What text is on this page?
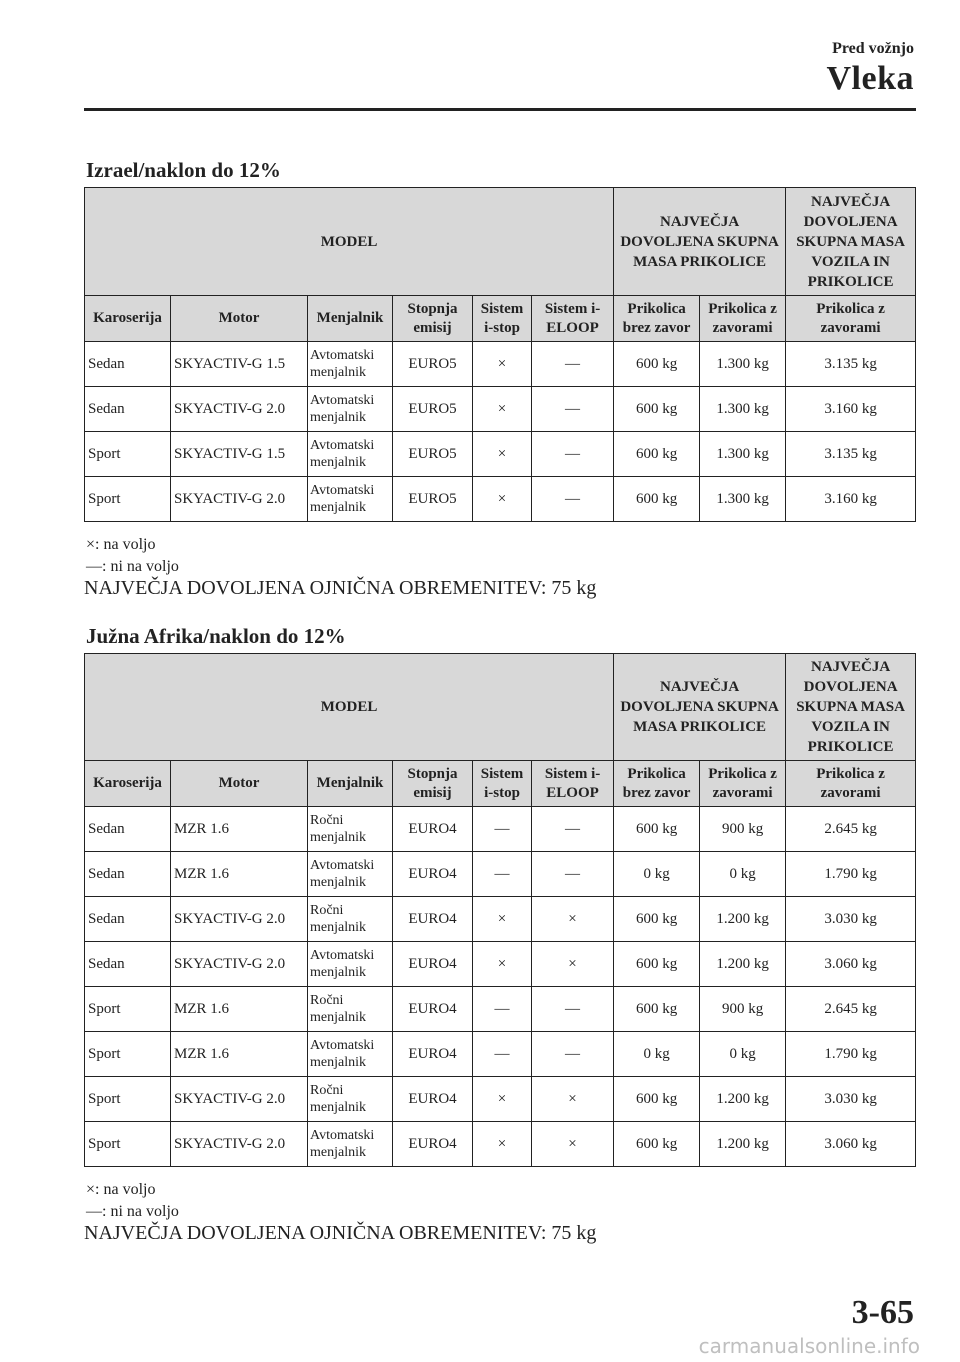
Pred vožnjo
Vleka
Izrael/naklon do 12%
MODEL						NAJVEČJA DOVOLJENA SKUPNA MASA PRIKOLICE		NAJVEČJA DOVOLJENA SKUPNA MASA VOZILA IN PRIKOLICE
Karoserija	Motor	Menjalnik	Stopnja emisij	Sistem i-stop	Sistem i- ELOOP	Prikolica brez zavor	Prikolica z zavorami	Prikolica z zavorami
Sedan	SKYACTIV-G 1.5	Avtomatski menjalnik	EURO5	×	—	600 kg	1.300 kg	3.135 kg
Sedan	SKYACTIV-G 2.0	Avtomatski menjalnik	EURO5	×	—	600 kg	1.300 kg	3.160 kg
Sport	SKYACTIV-G 1.5	Avtomatski menjalnik	EURO5	×	—	600 kg	1.300 kg	3.135 kg
Sport	SKYACTIV-G 2.0	Avtomatski menjalnik	EURO5	×	—	600 kg	1.300 kg	3.160 kg
×: na voljo
—: ni na voljo
NAJVEČJA DOVOLJENA OJNIČNA OBREMENITEV: 75 kg
Južna Afrika/naklon do 12%
MODEL						NAJVEČJA DOVOLJENA SKUPNA MASA PRIKOLICE		NAJVEČJA DOVOLJENA SKUPNA MASA VOZILA IN PRIKOLICE
Karoserija	Motor	Menjalnik	Stopnja emisij	Sistem i-stop	Sistem i-ELOOP	Prikolica brez zavor	Prikolica z zavorami	Prikolica z zavorami
Sedan	MZR 1.6	Ročni menjalnik	EURO4	—	—	600 kg	900 kg	2.645 kg
Sedan	MZR 1.6	Avtomatski menjalnik	EURO4	—	—	0 kg	0 kg	1.790 kg
Sedan	SKYACTIV-G 2.0	Ročni menjalnik	EURO4	×	×	600 kg	1.200 kg	3.030 kg
Sedan	SKYACTIV-G 2.0	Avtomatski menjalnik	EURO4	×	×	600 kg	1.200 kg	3.060 kg
Sport	MZR 1.6	Ročni menjalnik	EURO4	—	—	600 kg	900 kg	2.645 kg
Sport	MZR 1.6	Avtomatski menjalnik	EURO4	—	—	0 kg	0 kg	1.790 kg
Sport	SKYACTIV-G 2.0	Ročni menjalnik	EURO4	×	×	600 kg	1.200 kg	3.030 kg
Sport	SKYACTIV-G 2.0	Avtomatski menjalnik	EURO4	×	×	600 kg	1.200 kg	3.060 kg
×: na voljo
—: ni na voljo
NAJVEČJA DOVOLJENA OJNIČNA OBREMENITEV: 75 kg
3-65
carmanualsonline.info
